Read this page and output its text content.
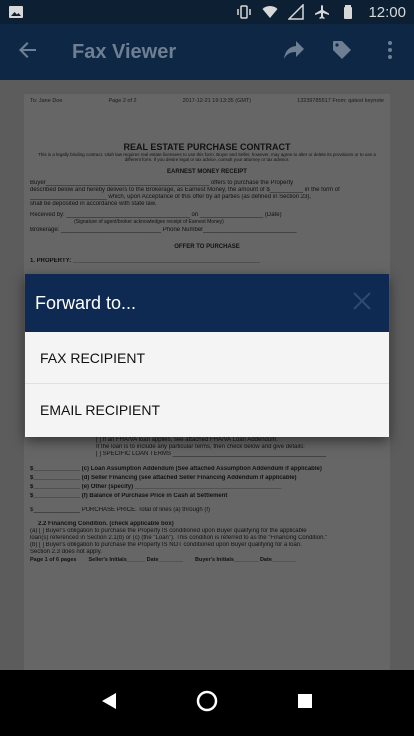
12:00
Fax Viewer
To: Jane Doe	Page 2 of 2	2017-12-21 19:13:35 (GMT)	13239785517 From: qatest keynote
REAL ESTATE PURCHASE CONTRACT
This is a legally binding contract. Utah law requires real estate licensees to use this form. Buyer and Seller, however, may agree to alter or delete its provisions or to use a different form. If you desire legal or tax advice, consult your attorney or tax advisor.
EARNEST MONEY RECEIPT
Buyer_________________________________________________ offers to purchase the Property
described below and hereby delivers to the Brokerage, as Earnest Money, the amount of $__________ in the form of
_______________________ which, upon Acceptance of this offer by all parties (as defined in Section 23),
shall be deposited in accordance with state law.
Received by: _____________________________________ on ___________________ (Date)
(Signature of agent/broker acknowledges receipt of Earnest Money)
Brokerage: ______________________________ Phone Number____________________________
OFFER TO PURCHASE
1. PROPERTY: ________________________________________________________
[ ] If an FHA/VA loan applies, see attached FHA/VA Loan Addendum.
If the loan is to include any particular terms, then check below and give details:
[ ] SPECIFIC LOAN TERMS ______________________________________________
$______________ (c) Loan Assumption Addendum (See attached Assumption Addendum if applicable)
$______________ (d) Seller Financing (see attached Seller Financing Addendum if applicable)
$______________ (e) Other (specify) ____________________________________________
$______________ (f) Balance of Purchase Price in Cash at Settlement
$______________ PURCHASE PRICE. Total of lines (a) through (f)
2.2 Financing Condition. (check applicable box)
(a) [ ] Buyer's obligation to purchase the Property IS conditioned upon Buyer qualifying for the applicable
loan(s) referenced in Section 2.1(b) or (c) (the "Loan"). This condition is referred to as the "Financing Condition."
(b) [ ] Buyer's obligation to purchase the Property IS NOT conditioned upon Buyer qualifying for a loan.
Section 2.3 does not apply.
Page 1 of 6 pages Seller's Initials______ Date________ Buyer's Initials________ Date________
Forward to...
FAX RECIPIENT
EMAIL RECIPIENT
